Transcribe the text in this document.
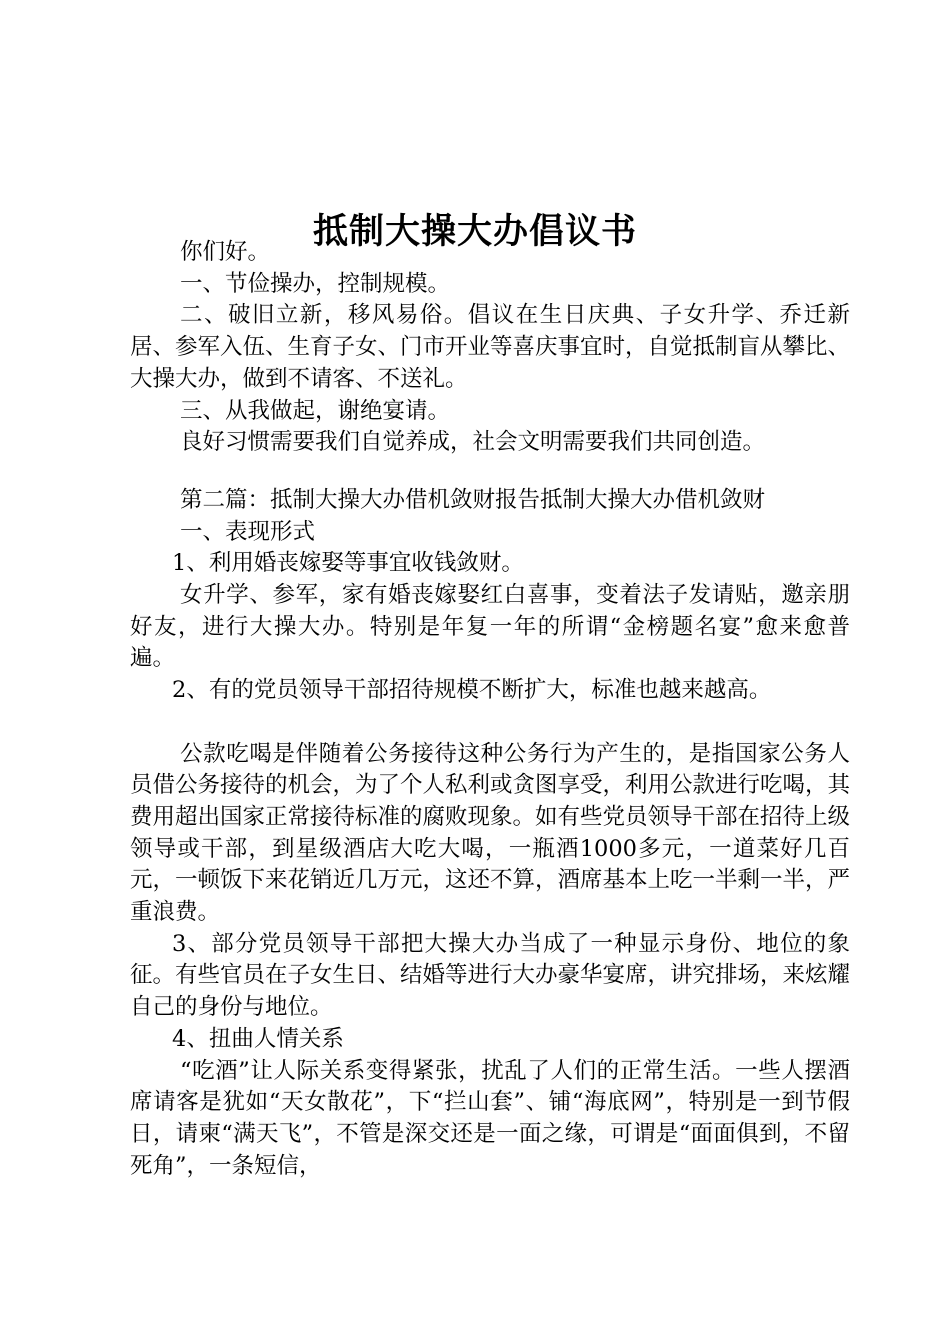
抵制大操大办倡议书

你们好。

一、节俭操办，控制规模。

二、破旧立新，移风易俗。倡议在生日庆典、子女升学、乔迁新居、参军入伍、生育子女、门市开业等喜庆事宜时，自觉抵制盲从攀比、大操大办，做到不请客、不送礼。

三、从我做起，谢绝宴请。

良好习惯需要我们自觉养成，社会文明需要我们共同创造。

第二篇：抵制大操大办借机敛财报告抵制大操大办借机敛财

一、表现形式

1、利用婚丧嫁娶等事宜收钱敛财。

女升学、参军，家有婚丧嫁娶红白喜事，变着法子发请贴，邀亲朋好友，进行大操大办。特别是年复一年的所谓“金榜题名宴”愈来愈普遍。

2、有的党员领导干部招待规模不断扩大，标准也越来越高。

公款吃喝是伴随着公务接待这种公务行为产生的，是指国家公务人员借公务接待的机会，为了个人私利或贪图享受，利用公款进行吃喝，其费用超出国家正常接待标准的腐败现象。如有些党员领导干部在招待上级领导或干部，到星级酒店大吃大喝，一瓶酒1000多元，一道菜好几百元，一顿饭下来花销近几万元，这还不算，酒席基本上吃一半剩一半，严重浪费。

3、部分党员领导干部把大操大办当成了一种显示身份、地位的象征。有些官员在子女生日、结婚等进行大办豪华宴席，讲究排场，来炫耀自己的身份与地位。

4、扭曲人情关系

“吃酒”让人际关系变得紧张，扰乱了人们的正常生活。一些人摆酒席请客是犹如“天女散花”，下“拦山套”、铺“海底网”，特别是一到节假日，请柬“满天飞”，不管是深交还是一面之缘，可谓是“面面俱到，不留死角”，一条短信，
